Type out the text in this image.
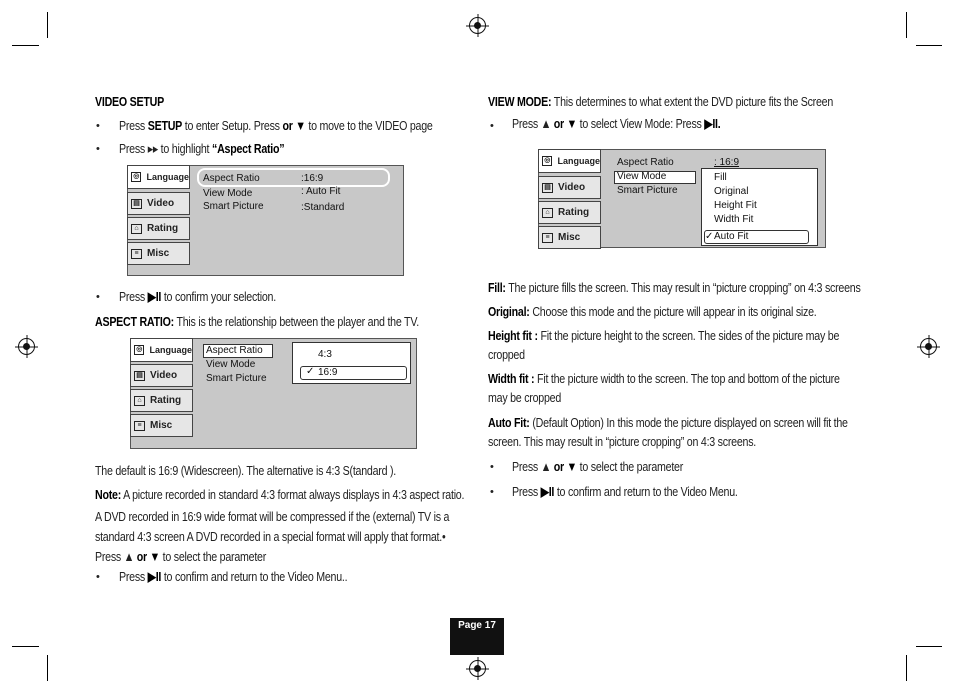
VIDEO SETUP
• Press SETUP to enter Setup. Press or ▼ to move to the VIDEO page
• Press ▸▸ to highlight “Aspect Ratio”
◎ Language
▤ Video
⌂ Rating
≡ Misc
Aspect Ratio
View Mode
Smart Picture
:16:9
: Auto Fit
:Standard
• Press ▶II to confirm your selection.
ASPECT RATIO: This is the relationship between the player and the TV.
◎ Language
▤ Video
⌂ Rating
≡ Misc
Aspect Ratio
View Mode
Smart Picture
4:3
✓ 16:9
The default is 16:9 (Widescreen). The alternative is 4:3 S(tandard ).
Note: A picture recorded in standard 4:3 format always displays in 4:3 aspect ratio.
A DVD recorded in 16:9 wide format will be compressed if the (external) TV is a
standard 4:3 screen A DVD recorded in a special format will apply that format.•
Press ▲ or ▼ to select the parameter
• Press ▶II to confirm and return to the Video Menu..
VIEW MODE: This determines to what extent the DVD picture fits the Screen
• Press ▲ or ▼ to select View Mode: Press ▶II.
◎ Language
▤ Video
⌂ Rating
≡ Misc
Aspect Ratio
View Mode
Smart Picture
: 16:9
Fill
Original
Height Fit
Width Fit
✓ Auto Fit
Fill: The picture fills the screen. This may result in “picture cropping” on 4:3 screens
Original: Choose this mode and the picture will appear in its original size.
Height fit : Fit the picture height to the screen. The sides of the picture may be
cropped
Width fit : Fit the picture width to the screen. The top and bottom of the picture
may be cropped
Auto Fit: (Default Option) In this mode the picture displayed on screen will fit the
screen. This may result in “picture cropping” on 4:3 screens.
• Press ▲ or ▼ to select the parameter
• Press ▶II to confirm and return to the Video Menu.
Page 17
